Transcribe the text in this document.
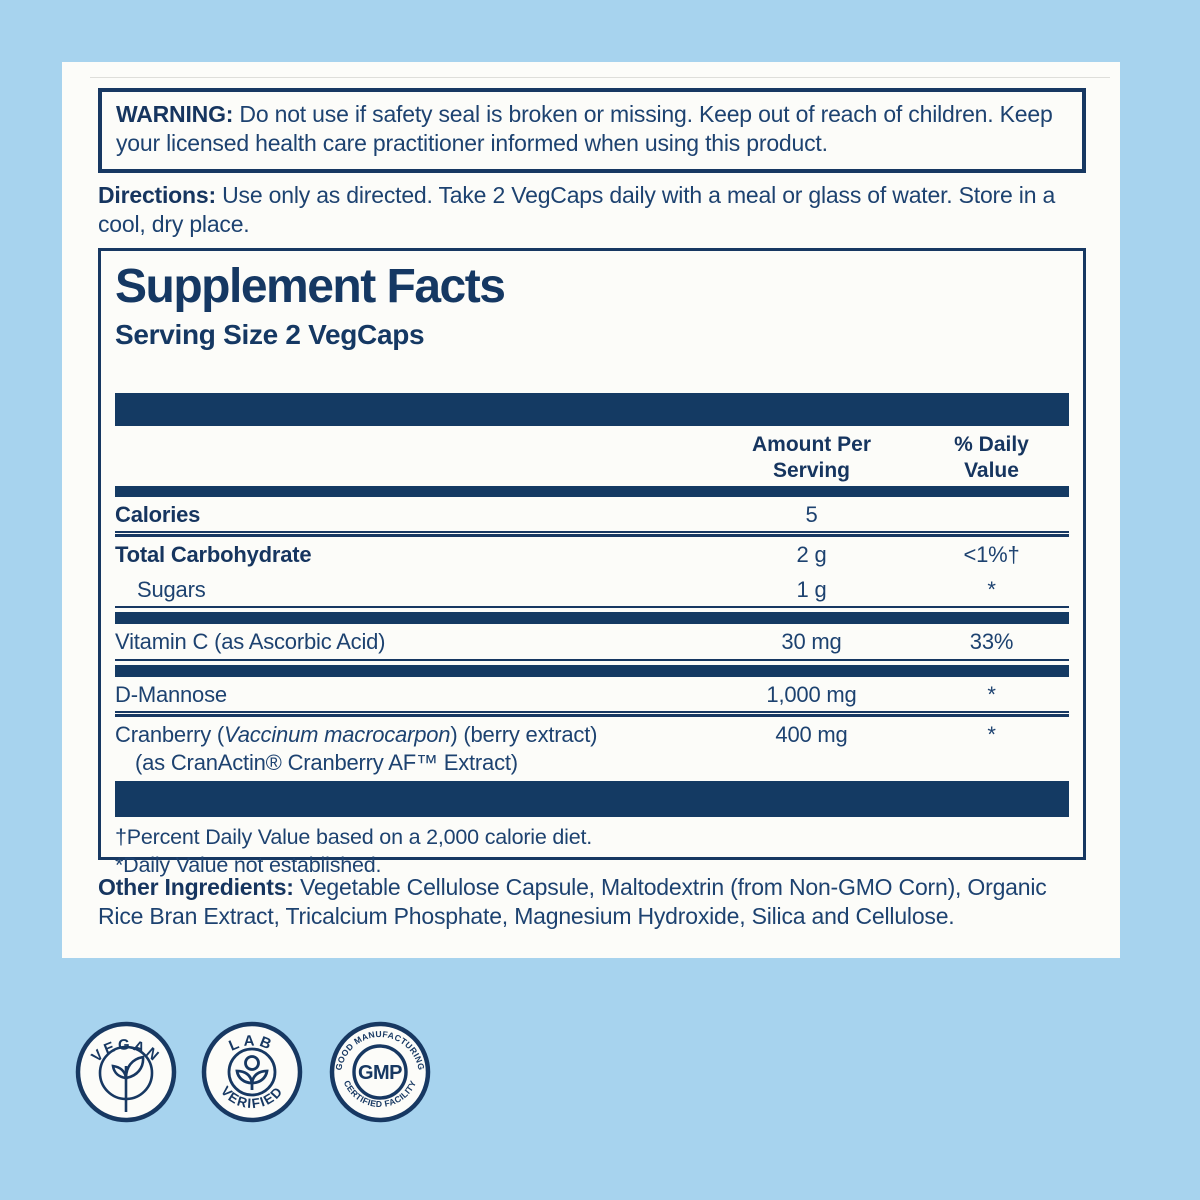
WARNING: Do not use if safety seal is broken or missing. Keep out of reach of children. Keep your licensed health care practitioner informed when using this product.
Directions: Use only as directed. Take 2 VegCaps daily with a meal or glass of water. Store in a cool, dry place.
Supplement Facts
Serving Size 2 VegCaps
Amount Per
Serving
% Daily
Value
Calories	5
Total Carbohydrate	2 g	<1%†
Sugars	1 g	*
Vitamin C (as Ascorbic Acid)	30 mg	33%
D-Mannose	1,000 mg	*
Cranberry (Vaccinum macrocarpon) (berry extract)
(as CranActin® Cranberry AF™ Extract)
400 mg	*
†Percent Daily Value based on a 2,000 calorie diet.
*Daily Value not established.
Other Ingredients: Vegetable Cellulose Capsule, Maltodextrin (from Non-GMO Corn), Organic Rice Bran Extract, Tricalcium Phosphate, Magnesium Hydroxide, Silica and Cellulose.
VEGAN	LAB
VERIFIED
GOOD MANUFACTURING
CERTIFIED FACILITY
GMP
